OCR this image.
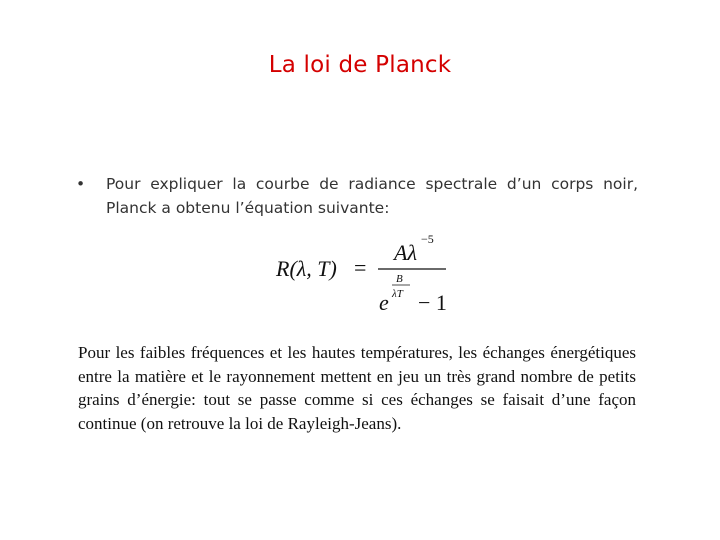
La loi de Planck
• Pour expliquer la courbe de radiance spectrale d’un corps noir, Planck a obtenu l’équation suivante:
R(λ, T) =
Aλ
−5
e
B
λT − 1
Pour les faibles fréquences et les hautes températures, les échanges énergétiques entre la matière et le rayonnement mettent en jeu un très grand nombre de petits grains d’énergie: tout se passe comme si ces échanges se faisait d’une façon continue (on retrouve la loi de Rayleigh-Jeans).
